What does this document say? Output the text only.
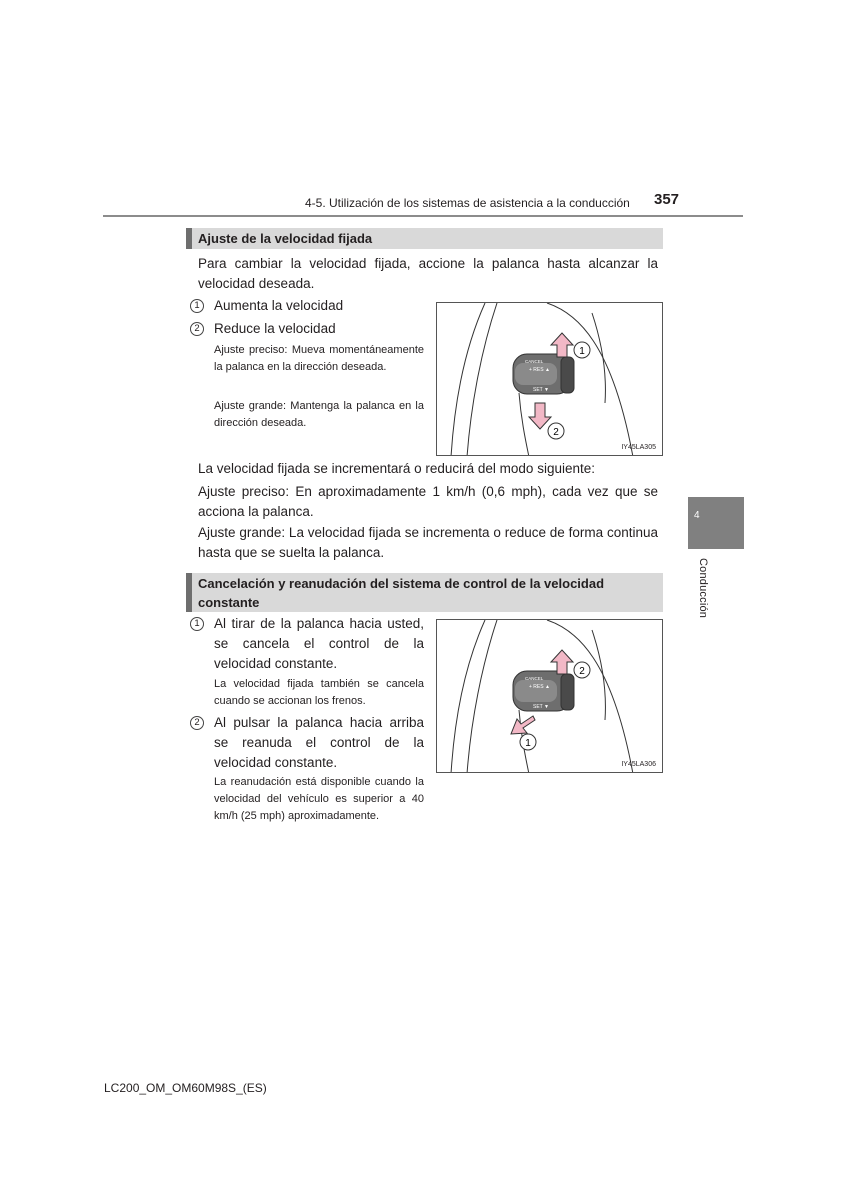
4-5. Utilización de los sistemas de asistencia a la conducción 357
4
Conducción
Ajuste de la velocidad fijada
Para cambiar la velocidad fijada, accione la palanca hasta alcanzar la velocidad deseada.
1	Aumenta la velocidad
2	Reduce la velocidad
Ajuste preciso: Mueva momentáneamente la palanca en la dirección deseada.
Ajuste grande: Mantenga la palanca en la dirección deseada.
CANCEL
+ RES ▲
SET ▼
1
2
IY45LA305
La velocidad fijada se incrementará o reducirá del modo siguiente:
Ajuste preciso: En aproximadamente 1 km/h (0,6 mph), cada vez que se acciona la palanca.
Ajuste grande: La velocidad fijada se incrementa o reduce de forma continua hasta que se suelta la palanca.
Cancelación y reanudación del sistema de control de la velocidad constante
1	Al tirar de la palanca hacia usted, se cancela el control de la velocidad constante.
La velocidad fijada también se cancela cuando se accionan los frenos.
2	Al pulsar la palanca hacia arriba se reanuda el control de la velocidad constante.
La reanudación está disponible cuando la velocidad del vehículo es superior a 40 km/h (25 mph) aproximadamente.
CANCEL
+ RES ▲
SET ▼
2
1
IY45LA306
LC200_OM_OM60M98S_(ES)
